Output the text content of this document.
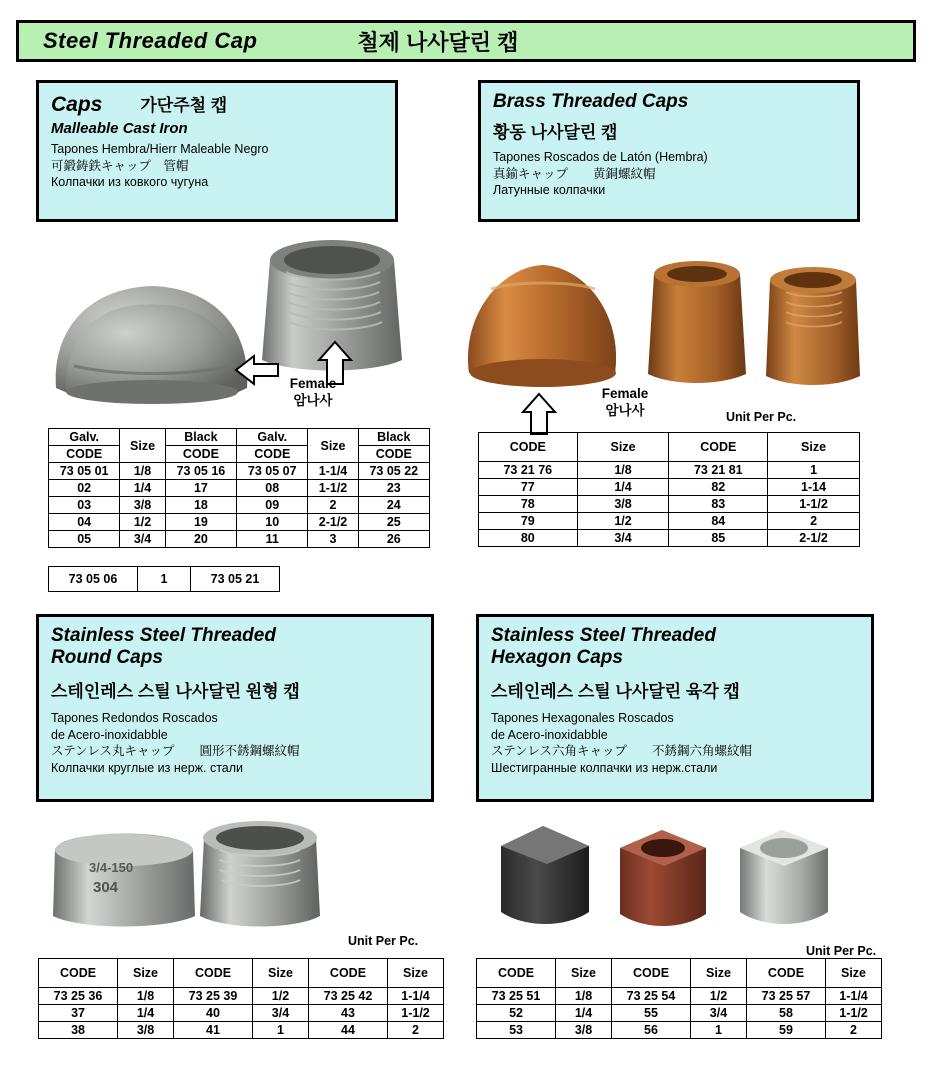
Steel Threaded Cap	철제 나사달린 캡
Caps 가단주철 캡
Malleable Cast Iron
Tapones Hembra/Hierr Maleable Negro
可鍛鋳鉄キャップ　管帽
Колпачки из ковкого чугуна
Brass Threaded Caps
황동 나사달린 캡
Tapones Roscados de Latón (Hembra)
真鍮キャップ　　黄銅螺紋帽
Латунные колпачки
Stainless Steel Threaded
Round Caps
스테인레스 스틸 나사달린 원형 캡
Tapones Redondos Roscados
de Acero-inoxidabble
ステンレス丸キャップ　　圓形不銹鋼螺紋帽
Колпачки круглые из нерж. стали
Stainless Steel Threaded
Hexagon Caps
스테인레스 스틸 나사달린 육각 캡
Tapones Hexagonales Roscados
de Acero-inoxidabble
ステンレス六角キャップ　　不銹鋼六角螺紋帽
Шестигранные колпачки из нерж.стали
Female
암나사	Female
암나사	Unit Per Pc.
Galv.	Size	Black	Galv.	Size	Black
CODE		CODE	CODE		CODE
73 05 01	1/8	73 05 16	73 05 07	1-1/4	73 05 22
02	1/4	17	08	1-1/2	23
03	3/8	18	09	2	24
04	1/2	19	10	2-1/2	25
05	3/4	20	11	3	26
73 05 06	1	73 05 21
CODE	Size	CODE	Size
73 21 76	1/8	73 21 81	1
77	1/4	82	1-14
78	3/8	83	1-1/2
79	1/2	84	2
80	3/4	85	2-1/2
3/4-150
304
Unit Per Pc.
Unit Per Pc.
CODE	Size	CODE	Size	CODE	Size
73 25 36	1/8	73 25 39	1/2	73 25 42	1-1/4
37	1/4	40	3/4	43	1-1/2
38	3/8	41	1	44	2
CODE	Size	CODE	Size	CODE	Size
73 25 51	1/8	73 25 54	1/2	73 25 57	1-1/4
52	1/4	55	3/4	58	1-1/2
53	3/8	56	1	59	2
